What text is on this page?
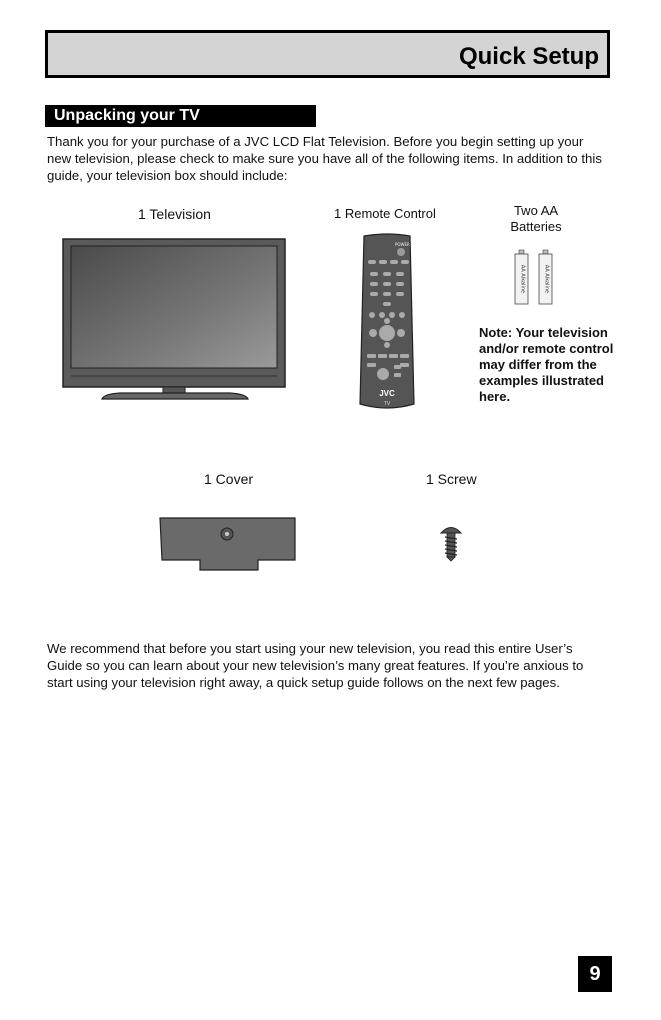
Quick Setup
Unpacking your TV
Thank you for your purchase of a JVC LCD Flat Television. Before you begin setting up your new television, please check to make sure you have all of the following items. In addition to this guide, your television box should include:
1 Television	1 Remote Control	Two AA
Batteries
1 Cover	1 Screw
POWER
JVC
TV
AA Alkaline	AA Alkaline
Note: Your television and/or remote control may differ from the examples illustrated here.
We recommend that before you start using your new television, you read this entire User’s Guide so you can learn about your new television’s many great features. If you’re anxious to start using your television right away, a quick setup guide follows on the next few pages.
9
